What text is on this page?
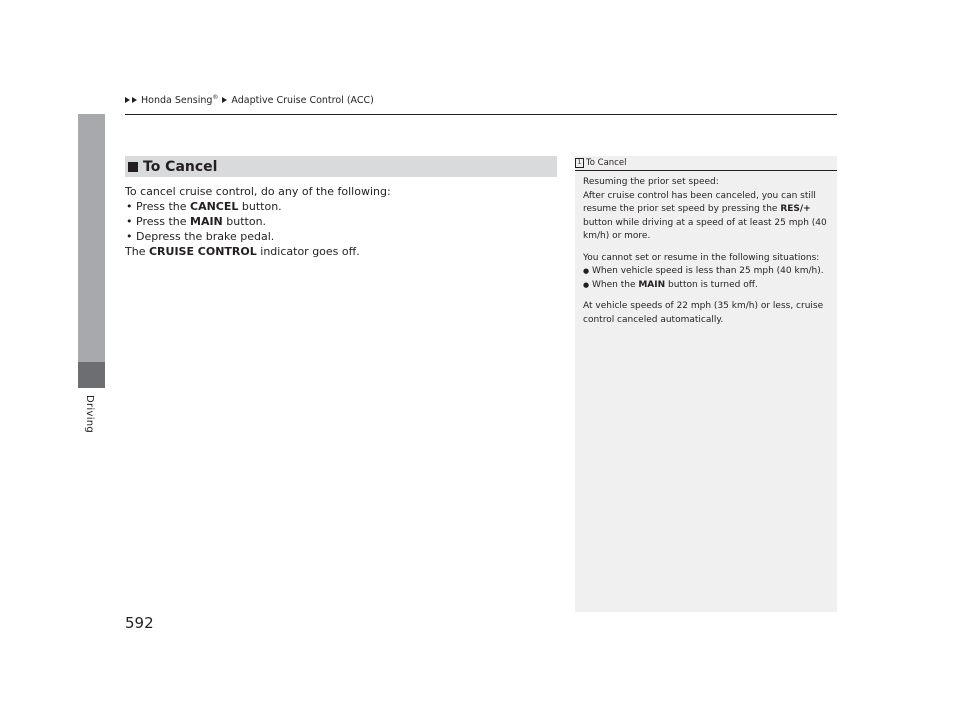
Honda Sensing® Adaptive Cruise Control (ACC)
Driving
To Cancel

To cancel cruise control, do any of the following:

• Press the CANCEL button.
• Press the MAIN button.
• Depress the brake pedal.

The CRUISE CONTROL indicator goes off.

1 To Cancel

Resuming the prior set speed:

After cruise control has been canceled, you can still resume the prior set speed by pressing the RES/+ button while driving at a speed of at least 25 mph (40 km/h) or more.

You cannot set or resume in the following situations:

● When vehicle speed is less than 25 mph (40 km/h).

● When the MAIN button is turned off.

At vehicle speeds of 22 mph (35 km/h) or less, cruise control canceled automatically.

592
